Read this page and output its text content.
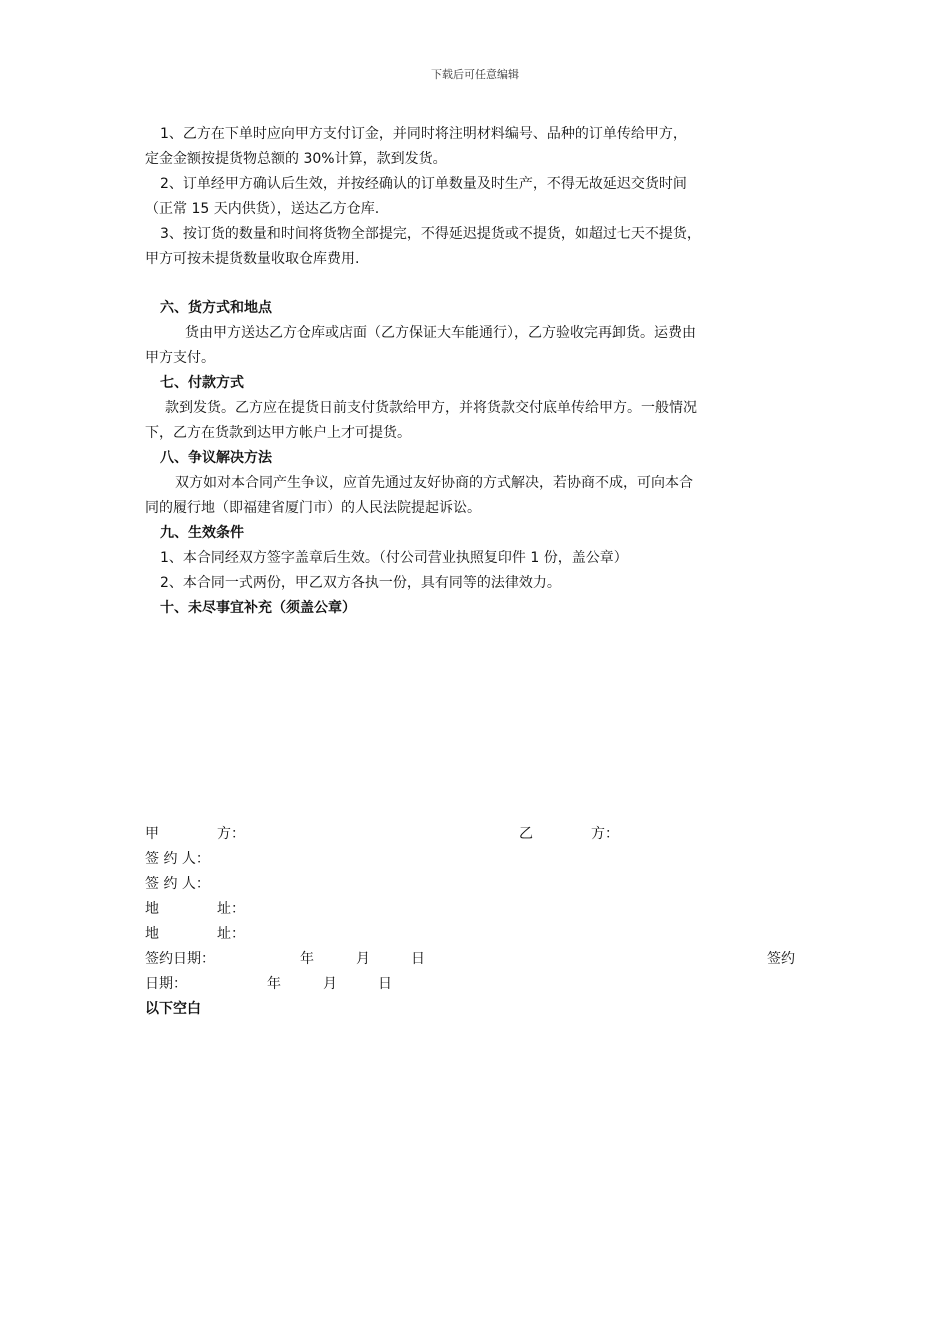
下载后可任意编辑

1、乙方在下单时应向甲方支付订金，并同时将注明材料编号、品种的订单传给甲方，

定金金额按提货物总额的 30%计算，款到发货。

2、订单经甲方确认后生效，并按经确认的订单数量及时生产，不得无故延迟交货时间

（正常 15 天内供货），送达乙方仓库.

3、按订货的数量和时间将货物全部提完，不得延迟提货或不提货，如超过七天不提货，

甲方可按未提货数量收取仓库费用.

六、货方式和地点

货由甲方送达乙方仓库或店面（乙方保证大车能通行），乙方验收完再卸货。运费由

甲方支付。

七、付款方式

款到发货。乙方应在提货日前支付货款给甲方，并将货款交付底单传给甲方。一般情况

下，乙方在货款到达甲方帐户上才可提货。

八、争议解决方法

双方如对本合同产生争议，应首先通过友好协商的方式解决，若协商不成，可向本合

同的履行地（即福建省厦门市）的人民法院提起诉讼。

九、生效条件

1、本合同经双方签字盖章后生效。（付公司营业执照复印件 1 份，盖公章）

2、本合同一式两份，甲乙双方各执一份，具有同等的法律效力。

十、未尽事宜补充（须盖公章）

甲	方：	乙	方：
签 约 人：
签 约 人：
地	址：
地	址：
签约日期：	年	月	日	签约
日期：	年	月	日
以下空白
